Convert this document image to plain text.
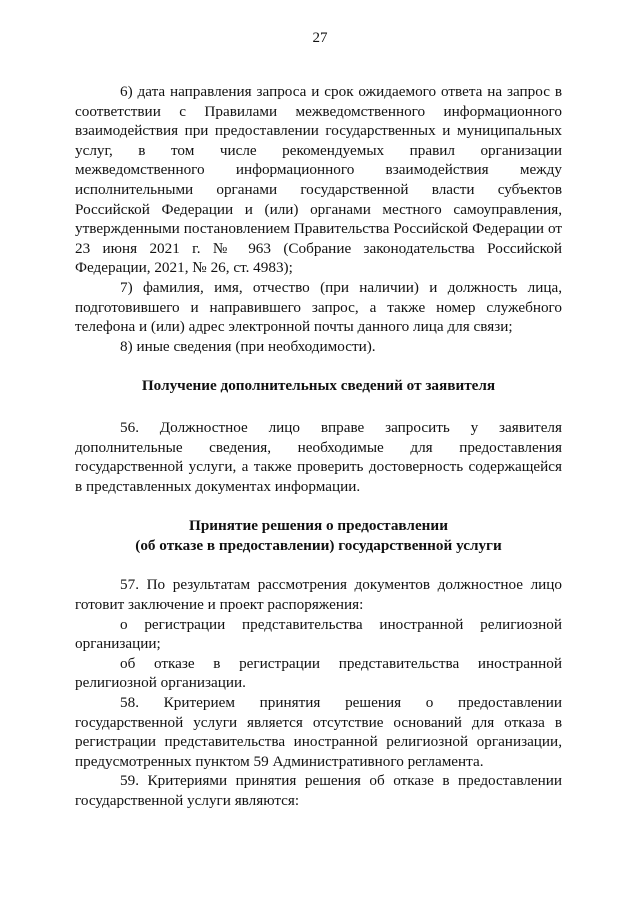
27

6) дата направления запроса и срок ожидаемого ответа на запрос в соответствии с Правилами межведомственного информационного взаимодействия при предоставлении государственных и муниципальных услуг, в том числе рекомендуемых правил организации межведомственного информационного взаимодействия между исполнительными органами государственной власти субъектов Российской Федерации и (или) органами местного самоуправления, утвержденными постановлением Правительства Российской Федерации от 23 июня 2021 г. № 963 (Собрание законодательства Российской Федерации, 2021, № 26, ст. 4983);

7) фамилия, имя, отчество (при наличии) и должность лица, подготовившего и направившего запрос, а также номер служебного телефона и (или) адрес электронной почты данного лица для связи;

8) иные сведения (при необходимости).

Получение дополнительных сведений от заявителя

56. Должностное лицо вправе запросить у заявителя дополнительные сведения, необходимые для предоставления государственной услуги, а также проверить достоверность содержащейся в представленных документах информации.

Принятие решения о предоставлении
(об отказе в предоставлении) государственной услуги

57. По результатам рассмотрения документов должностное лицо готовит заключение и проект распоряжения:

о регистрации представительства иностранной религиозной организации;

об отказе в регистрации представительства иностранной религиозной организации.

58. Критерием принятия решения о предоставлении государственной услуги является отсутствие оснований для отказа в регистрации представительства иностранной религиозной организации, предусмотренных пунктом 59 Административного регламента.

59. Критериями принятия решения об отказе в предоставлении государственной услуги являются:
